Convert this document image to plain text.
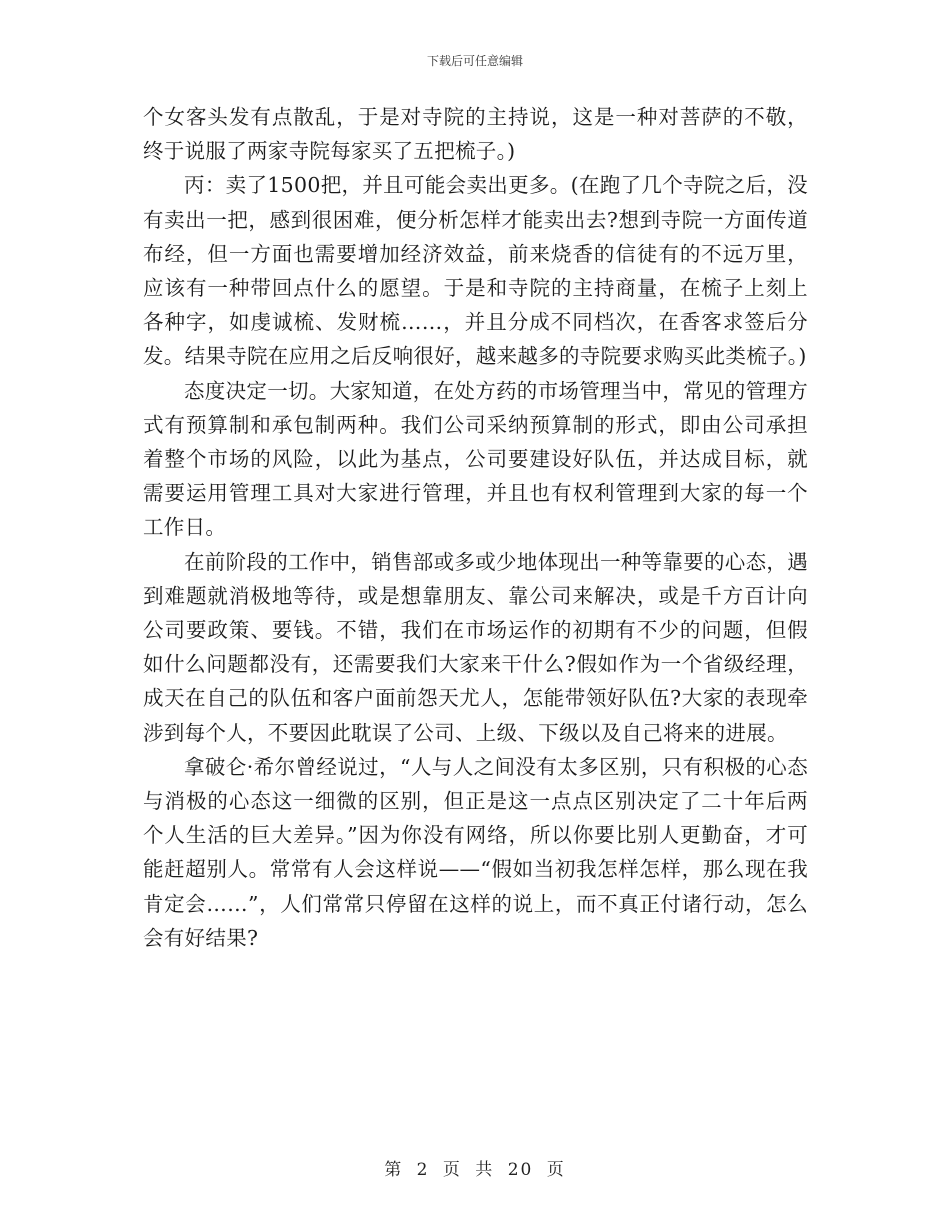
下载后可任意编辑

个女客头发有点散乱，于是对寺院的主持说，这是一种对菩萨的不敬，终于说服了两家寺院每家买了五把梳子。)

丙：卖了1500把，并且可能会卖出更多。(在跑了几个寺院之后，没有卖出一把，感到很困难，便分析怎样才能卖出去?想到寺院一方面传道布经，但一方面也需要增加经济效益，前来烧香的信徒有的不远万里，应该有一种带回点什么的愿望。于是和寺院的主持商量，在梳子上刻上各种字，如虔诚梳、发财梳……，并且分成不同档次，在香客求签后分发。结果寺院在应用之后反响很好，越来越多的寺院要求购买此类梳子。)

态度决定一切。大家知道，在处方药的市场管理当中，常见的管理方式有预算制和承包制两种。我们公司采纳预算制的形式，即由公司承担着整个市场的风险，以此为基点，公司要建设好队伍，并达成目标，就需要运用管理工具对大家进行管理，并且也有权利管理到大家的每一个工作日。

在前阶段的工作中，销售部或多或少地体现出一种等靠要的心态，遇到难题就消极地等待，或是想靠朋友、靠公司来解决，或是千方百计向公司要政策、要钱。不错，我们在市场运作的初期有不少的问题，但假如什么问题都没有，还需要我们大家来干什么?假如作为一个省级经理，成天在自己的队伍和客户面前怨天尤人，怎能带领好队伍?大家的表现牵涉到每个人，不要因此耽误了公司、上级、下级以及自己将来的进展。

拿破仑·希尔曾经说过，“人与人之间没有太多区别，只有积极的心态与消极的心态这一细微的区别，但正是这一点点区别决定了二十年后两个人生活的巨大差异。”因为你没有网络，所以你要比别人更勤奋，才可能赶超别人。常常有人会这样说——“假如当初我怎样怎样，那么现在我肯定会……”，人们常常只停留在这样的说上，而不真正付诸行动，怎么会有好结果?

第 2 页 共 20 页
